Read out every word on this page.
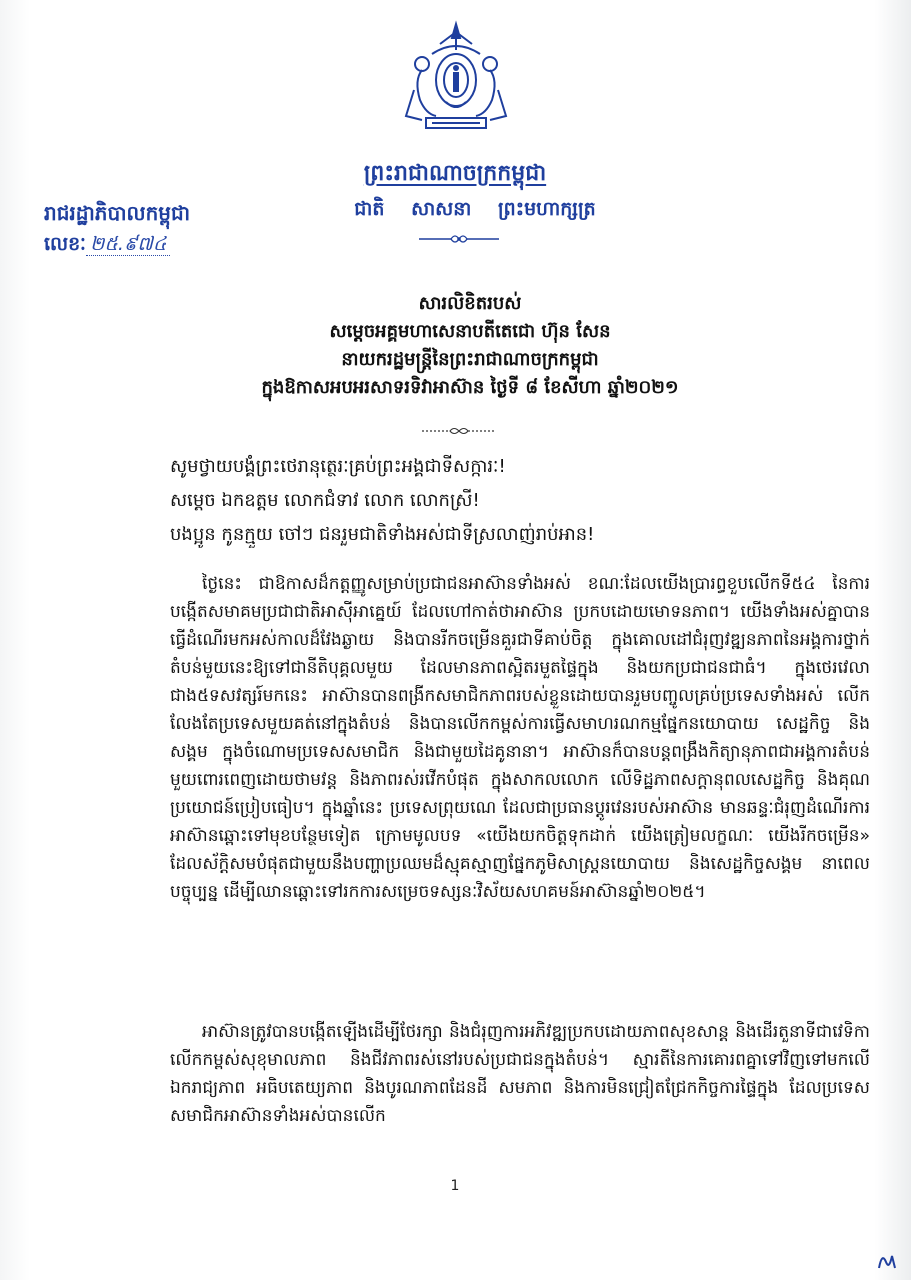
ព្រះរាជាណាចក្រកម្ពុជា
ជាតិ សាសនា ព្រះមហាក្សត្រ
រាជរដ្ឋាភិបាលកម្ពុជា
លេខៈ ២៥.៩៧៤
សារលិខិតរបស់
សម្តេចអគ្គមហាសេនាបតីតេជោ ហ៊ុន សែន
នាយករដ្ឋមន្ត្រីនៃព្រះរាជាណាចក្រកម្ពុជា
ក្នុងឱកាសអបអរសាទរទិវាអាស៊ាន ថ្ងៃទី ៨ ខែសីហា ឆ្នាំ២០២១
សូមថ្វាយបង្គំព្រះថេរានុត្ថេរៈគ្រប់ព្រះអង្គជាទីសក្ការៈ!
សម្តេច ឯកឧត្តម លោកជំទាវ លោក លោកស្រី!
បងប្អូន កូនក្មួយ ចៅៗ ជនរួមជាតិទាំងអស់ជាទីស្រលាញ់រាប់អាន!
ថ្ងៃនេះ ជាឱកាសដ៏កត្តញ្ញូសម្រាប់ប្រជាជនអាស៊ានទាំងអស់ ខណៈដែលយើងប្រារព្ធខួបលើកទី៥៤ នៃការបង្កើតសមាគមប្រជាជាតិអាស៊ីអាគ្នេយ៍ ដែលហៅកាត់ថាអាស៊ាន ប្រកបដោយមោទនភាព។ យើងទាំងអស់គ្នាបានធ្វើដំណើរមកអស់កាលដ៏វែងឆ្ងាយ និងបានរីកចម្រើនគួរជាទីគាប់ចិត្ត ក្នុងគោលដៅជំរុញវឌ្ឍនភាពនៃអង្គការថ្នាក់តំបន់មួយនេះឱ្យទៅជានីតិបុគ្គលមួយ ដែលមានភាពស្អិតរមួតផ្ទៃក្នុង និងយកប្រជាជនជាធំ។ ក្នុងថេរវេលាជាង៥ទសវត្សរ៍មកនេះ អាស៊ានបានពង្រីកសមាជិកភាពរបស់ខ្លួនដោយបានរួមបញ្ចូលគ្រប់ប្រទេសទាំងអស់ លើកលែងតែប្រទេសមួយគត់នៅក្នុងតំបន់ និងបានលើកកម្ពស់ការធ្វើសមាហរណកម្មផ្នែកនយោបាយ សេដ្ឋកិច្ច និងសង្គម ក្នុងចំណោមប្រទេសសមាជិក និងជាមួយដៃគូនានា។ អាស៊ានក៏បានបន្តពង្រឹងកិត្យានុភាពជាអង្គការតំបន់មួយពោរពេញដោយថាមវន្ត និងភាពរស់រវើកបំផុត ក្នុងសាកលលោក លើទិដ្ឋភាពសក្តានុពលសេដ្ឋកិច្ច និងគុណប្រយោជន៍ប្រៀបធៀប។ ក្នុងឆ្នាំនេះ ប្រទេសព្រុយណេ ដែលជាប្រធានប្តូរវេនរបស់អាស៊ាន មានឆន្ទៈជំរុញដំណើរការអាស៊ានឆ្ពោះទៅមុខបន្ថែមទៀត ក្រោមមូលបទ «យើងយកចិត្តទុកដាក់ យើងត្រៀមលក្ខណៈ យើងរីកចម្រើន» ដែលស័ក្តិសមបំផុតជាមួយនឹងបញ្ហាប្រឈមដ៏ស្មុគស្មាញផ្នែកភូមិសាស្ត្រនយោបាយ និងសេដ្ឋកិច្ចសង្គម នាពេលបច្ចុប្បន្ន ដើម្បីឈានឆ្ពោះទៅរកការសម្រេចទស្សនៈវិស័យសហគមន៍អាស៊ានឆ្នាំ២០២៥។
អាស៊ានត្រូវបានបង្កើតឡើងដើម្បីថែរក្សា និងជំរុញការអភិវឌ្ឍប្រកបដោយភាពសុខសាន្ត និងដើរតួនាទីជាវេទិកាលើកកម្ពស់សុខុមាលភាព និងជីវភាពរស់នៅរបស់ប្រជាជនក្នុងតំបន់។ ស្មារតីនៃការគោរពគ្នាទៅវិញទៅមកលើឯករាជ្យភាព អធិបតេយ្យភាព និងបូរណភាពដែនដី សមភាព និងការមិនជ្រៀតជ្រែកកិច្ចការផ្ទៃក្នុង ដែលប្រទេសសមាជិកអាស៊ានទាំងអស់បានលើក
1
